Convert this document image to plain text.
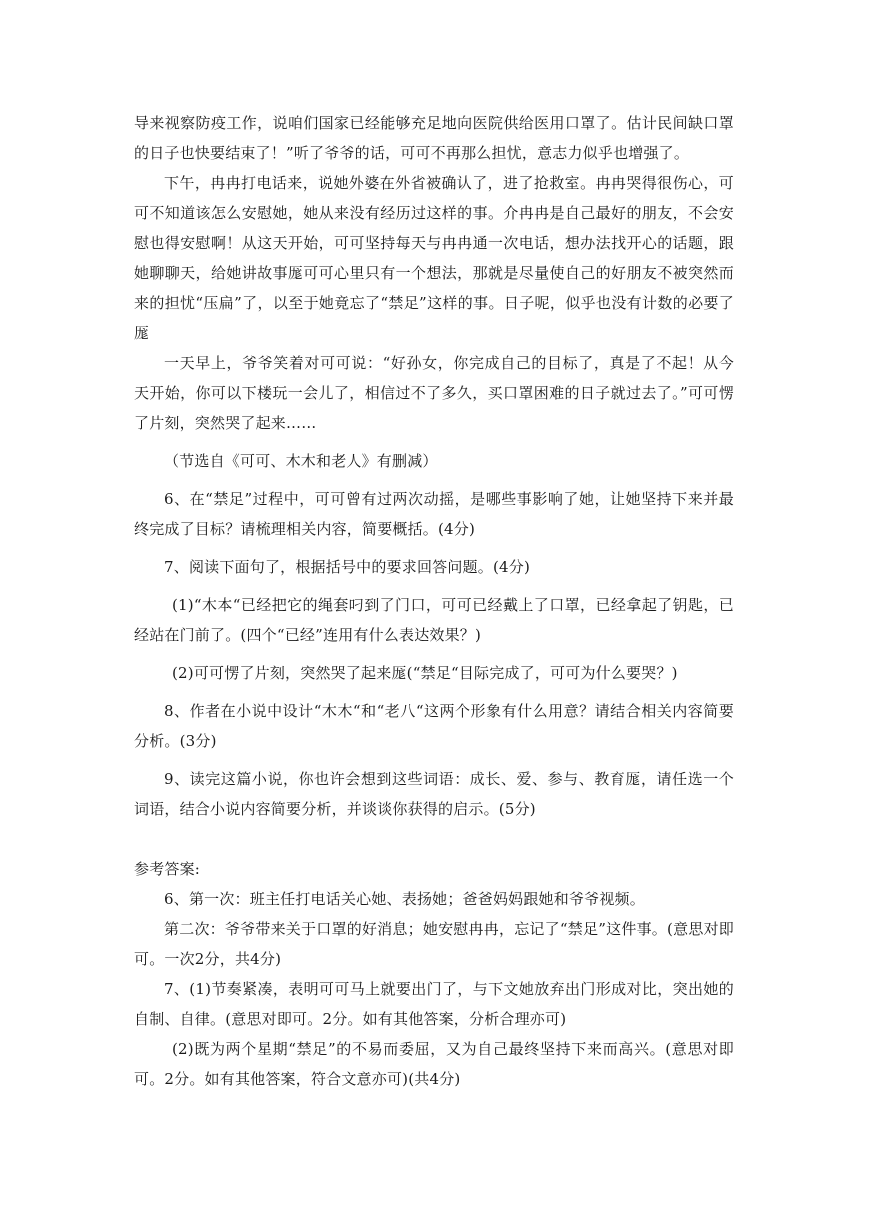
导来视察防疫工作，说咱们国家已经能够充足地向医院供给医用口罩了。估计民间缺口罩的日子也快要结束了！”听了爷爷的话，可可不再那么担忧，意志力似乎也增强了。

下午，冉冉打电话来，说她外婆在外省被确认了，进了抢救室。冉冉哭得很伤心，可可不知道该怎么安慰她，她从来没有经历过这样的事。介冉冉是自己最好的朋友，不会安慰也得安慰啊！从这天开始，可可坚持每天与冉冉通一次电话，想办法找开心的话题，跟她聊聊天，给她讲故事厖可可心里只有一个想法，那就是尽量使自己的好朋友不被突然而来的担忧“压扁”了，以至于她竟忘了“禁足”这样的事。日子呢，似乎也没有计数的必要了厖

一天早上，爷爷笑着对可可说：“好孙女，你完成自己的目标了，真是了不起！从今天开始，你可以下楼玩一会儿了，相信过不了多久，买口罩困难的日子就过去了。”可可愣了片刻，突然哭了起来……

（节选自《可可、木木和老人》有删减）

6、在“禁足”过程中，可可曾有过两次动摇，是哪些事影响了她，让她坚持下来并最终完成了目标？请梳理相关内容，简要概括。(4分)

7、阅读下面句了，根据括号中的要求回答问题。(4分)

(1)“木本“已经把它的绳套叼到了门口，可可已经戴上了口罩，已经拿起了钥匙，已经站在门前了。(四个“已经”连用有什么表达效果？)

(2)可可愣了片刻，突然哭了起来厖(“禁足“目际完成了，可可为什么要哭？)

8、作者在小说中设计“木木“和“老八“这两个形象有什么用意？请结合相关内容简要分析。(3分)

9、读完这篇小说，你也许会想到这些词语：成长、爱、参与、教育厖，请任选一个词语，结合小说内容简要分析，并谈谈你获得的启示。(5分)

参考答案:

6、第一次：班主任打电话关心她、表扬她；爸爸妈妈跟她和爷爷视频。

第二次：爷爷带来关于口罩的好消息；她安慰冉冉，忘记了“禁足”这件事。(意思对即可。一次2分，共4分)

7、(1)节奏紧凑，表明可可马上就要出门了，与下文她放弃出门形成对比，突出她的自制、自律。(意思对即可。2分。如有其他答案，分析合理亦可)

(2)既为两个星期“禁足”的不易而委屈，又为自己最终坚持下来而高兴。(意思对即可。2分。如有其他答案，符合文意亦可)(共4分)
